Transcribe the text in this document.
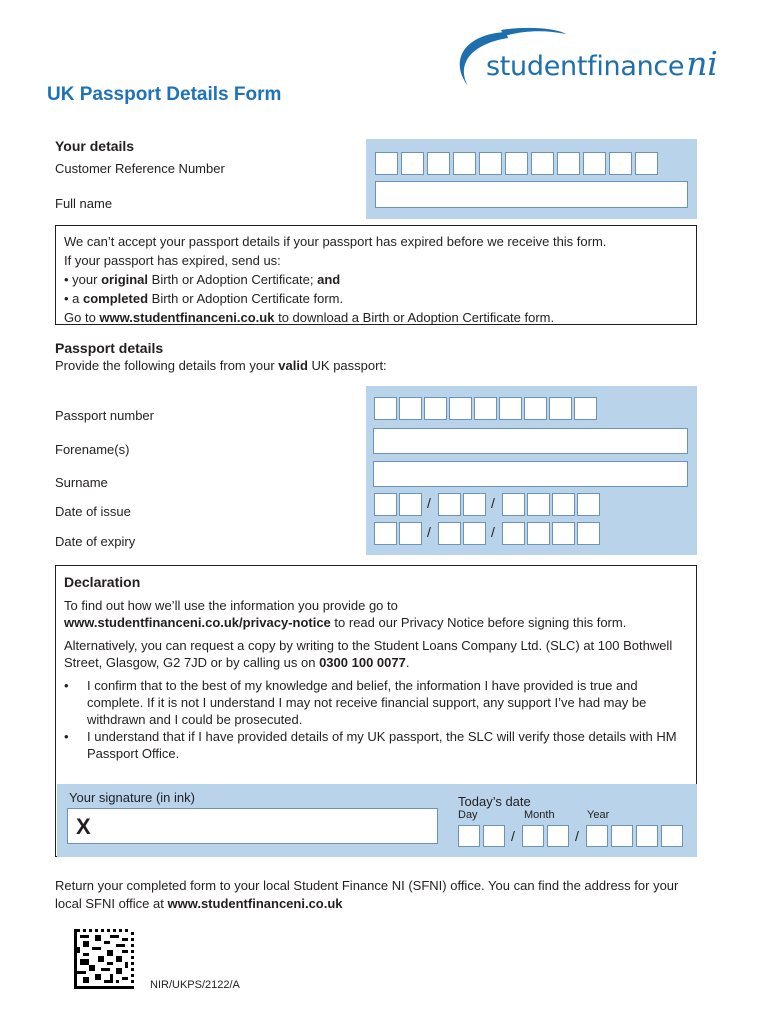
studentfinanceni
UK Passport Details Form
Your details
Customer Reference Number
Full name
We can’t accept your passport details if your passport has expired before we receive this form.
If your passport has expired, send us:
• your original Birth or Adoption Certificate; and
• a completed Birth or Adoption Certificate form.
Go to www.studentfinanceni.co.uk to download a Birth or Adoption Certificate form.
Passport details
Provide the following details from your valid UK passport:
Passport number
Forename(s)
Surname
Date of issue
Date of expiry
/	/
/	/
Declaration

To find out how we’ll use the information you provide go to
www.studentfinanceni.co.uk/privacy-notice to read our Privacy Notice before signing this form.

Alternatively, you can request a copy by writing to the Student Loans Company Ltd. (SLC) at 100 Bothwell Street, Glasgow, G2 7JD or by calling us on 0300 100 0077.

• I confirm that to the best of my knowledge and belief, the information I have provided is true and complete. If it is not I understand I may not receive financial support, any support I’ve had may be withdrawn and I could be prosecuted.
• I understand that if I have provided details of my UK passport, the SLC will verify those details with HM Passport Office.
Your signature (in ink)
X
Today’s date
Day	Month	Year
/	/
Return your completed form to your local Student Finance NI (SFNI) office. You can find the address for your local SFNI office at www.studentfinanceni.co.uk
NIR/UKPS/2122/A
